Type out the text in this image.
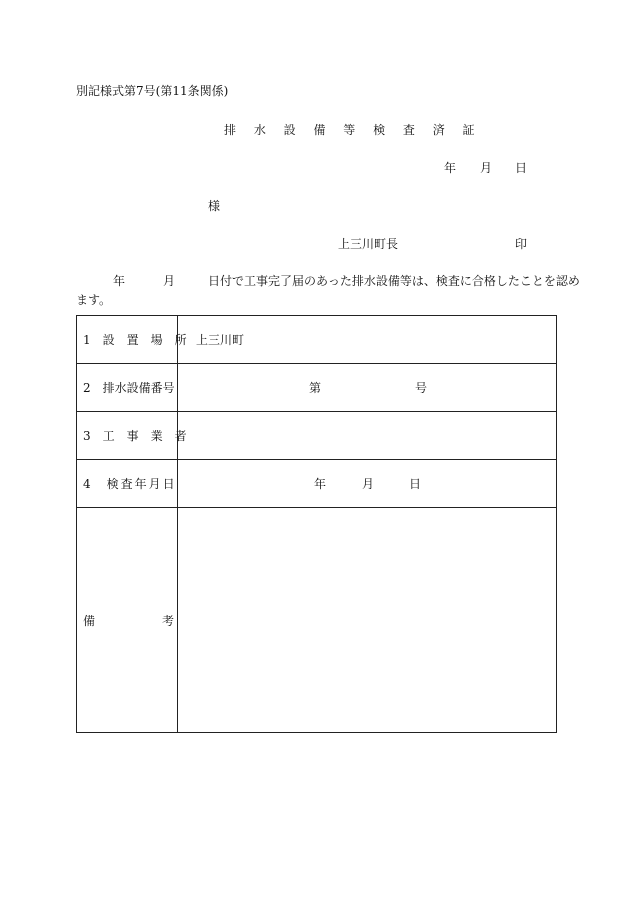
別記様式第7号(第11条関係)
排 水 設 備 等 検 査 済 証
年 月 日
様
上三川町長	印
年	月	日付で工事完了届のあった排水設備等は、検査に合格したことを認め
ます。
1　設　置　場　所 上三川町
2　排水設備番号	第	号
3　工　事　業　者
4　検査年月日	年	月	日
備	考
